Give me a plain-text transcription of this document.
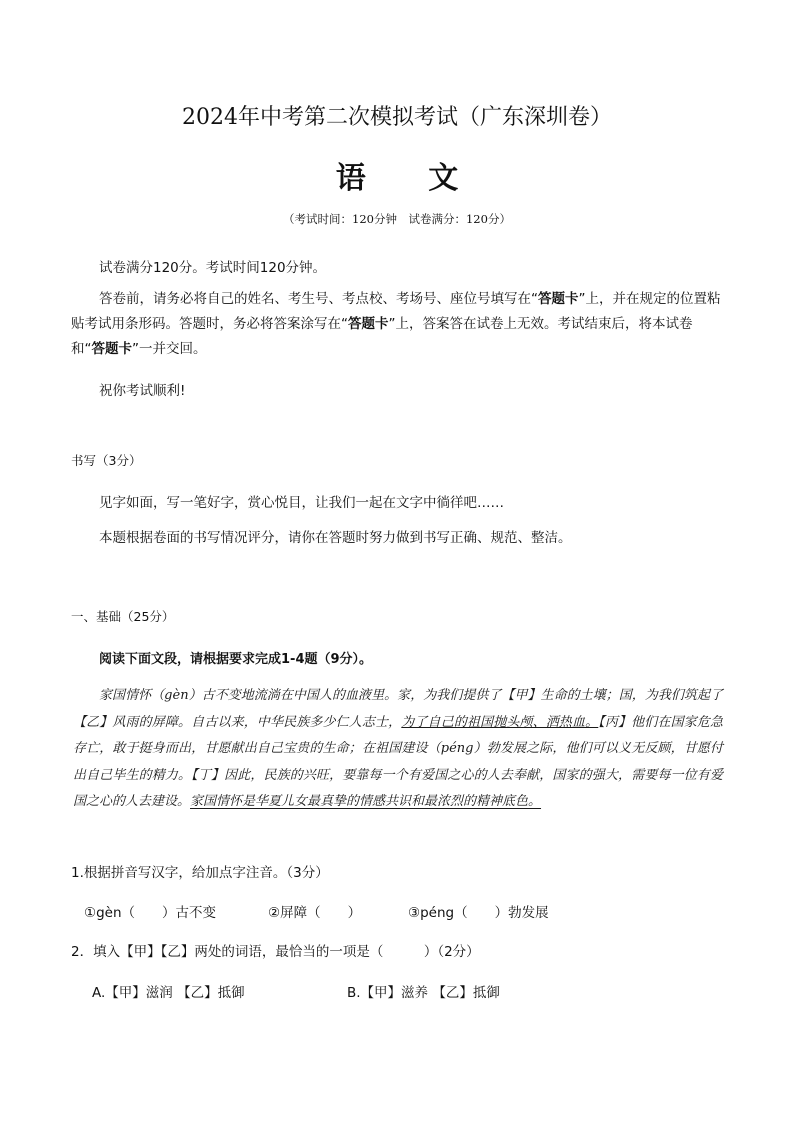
2024年中考第二次模拟考试（广东深圳卷）
语 文
（考试时间：120分钟　试卷满分：120分）
试卷满分120分。考试时间120分钟。
答卷前，请务必将自己的姓名、考生号、考点校、考场号、座位号填写在“答题卡”上，并在规定的位置粘贴考试用条形码。答题时，务必将答案涂写在“答题卡”上，答案答在试卷上无效。考试结束后，将本试卷和“答题卡”一并交回。
祝你考试顺利!
书写（3分）
见字如面，写一笔好字，赏心悦目，让我们一起在文字中徜徉吧……
本题根据卷面的书写情况评分，请你在答题时努力做到书写正确、规范、整洁。
一、基础（25分）
阅读下面文段，请根据要求完成1-4题（9分）。
家国情怀（gèn）古不变地流淌在中国人的血液里。家，为我们提供了【甲】生命的土壤；国，为我们筑起了【乙】风雨的屏障。自古以来，中华民族多少仁人志士，为了自己的祖国抛头颅、洒热血。【丙】他们在国家危急存亡，敢于挺身而出，甘愿献出自己宝贵的生命；在祖国建设（péng）勃发展之际，他们可以义无反顾，甘愿付出自己毕生的精力。【丁】因此，民族的兴旺，要靠每一个有爱国之心的人去奉献，国家的强大，需要每一位有爱国之心的人去建设。家国情怀是华夏儿女最真挚的情感共识和最浓烈的精神底色。
1.根据拼音写汉字，给加点字注音。（3分）
①gèn（　　）古不变	②屏障（　　）	③péng（　　）勃发展
2．填入【甲】【乙】两处的词语，最恰当的一项是（　　　）（2分）
A.【甲】滋润 【乙】抵御	B.【甲】滋养 【乙】抵御
